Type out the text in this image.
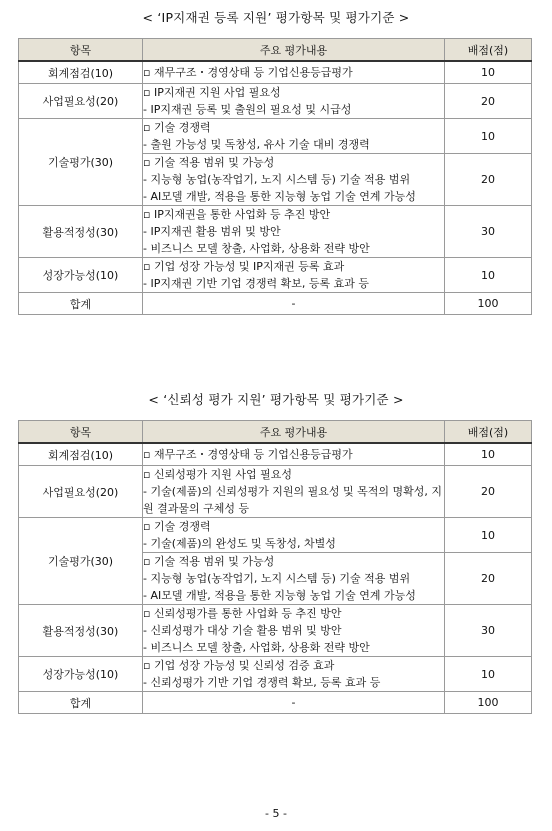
< ‘IP지재권 등록 지원’ 평가항목 및 평가기준 >
항목	주요 평가내용	배점(점)
회계점검(10)	▫ 재무구조・경영상태 등 기업신용등급평가	10
사업필요성(20)	▫ IP지재권 지원 사업 필요성
- IP지재권 등록 및 출원의 필요성 및 시급성	20
기술평가(30)	▫ 기술 경쟁력
- 출원 가능성 및 독창성, 유사 기술 대비 경쟁력	10

	▫ 기술 적용 범위 및 가능성
- 지능형 농업(농작업기, 노지 시스템 등) 기술 적용 범위
- AI모델 개발, 적용을 통한 지능형 농업 기술 연계 가능성	20
활용적정성(30)	▫ IP지재권을 통한 사업화 등 추진 방안
- IP지재권 활용 범위 및 방안
- 비즈니스 모델 창출, 사업화, 상용화 전략 방안	30
성장가능성(10)	▫ 기업 성장 가능성 및 IP지재권 등록 효과
- IP지재권 기반 기업 경쟁력 확보, 등록 효과 등	10
합계	-	100
< ‘신뢰성 평가 지원’ 평가항목 및 평가기준 >
항목	주요 평가내용	배점(점)
회계점검(10)	▫ 재무구조・경영상태 등 기업신용등급평가	10
사업필요성(20)	▫ 신뢰성평가 지원 사업 필요성
- 기술(제품)의 신뢰성평가 지원의 필요성 및 목적의 명확성, 지원 결과물의 구체성 등	20
기술평가(30)	▫ 기술 경쟁력
- 기술(제품)의 완성도 및 독창성, 차별성	10

	▫ 기술 적용 범위 및 가능성
- 지능형 농업(농작업기, 노지 시스템 등) 기술 적용 범위
- AI모델 개발, 적용을 통한 지능형 농업 기술 연계 가능성	20
활용적정성(30)	▫ 신뢰성평가를 통한 사업화 등 추진 방안
- 신뢰성평가 대상 기술 활용 범위 및 방안
- 비즈니스 모델 창출, 사업화, 상용화 전략 방안	30
성장가능성(10)	▫ 기업 성장 가능성 및 신뢰성 검증 효과
- 신뢰성평가 기반 기업 경쟁력 확보, 등록 효과 등	10
합계	-	100
- 5 -
